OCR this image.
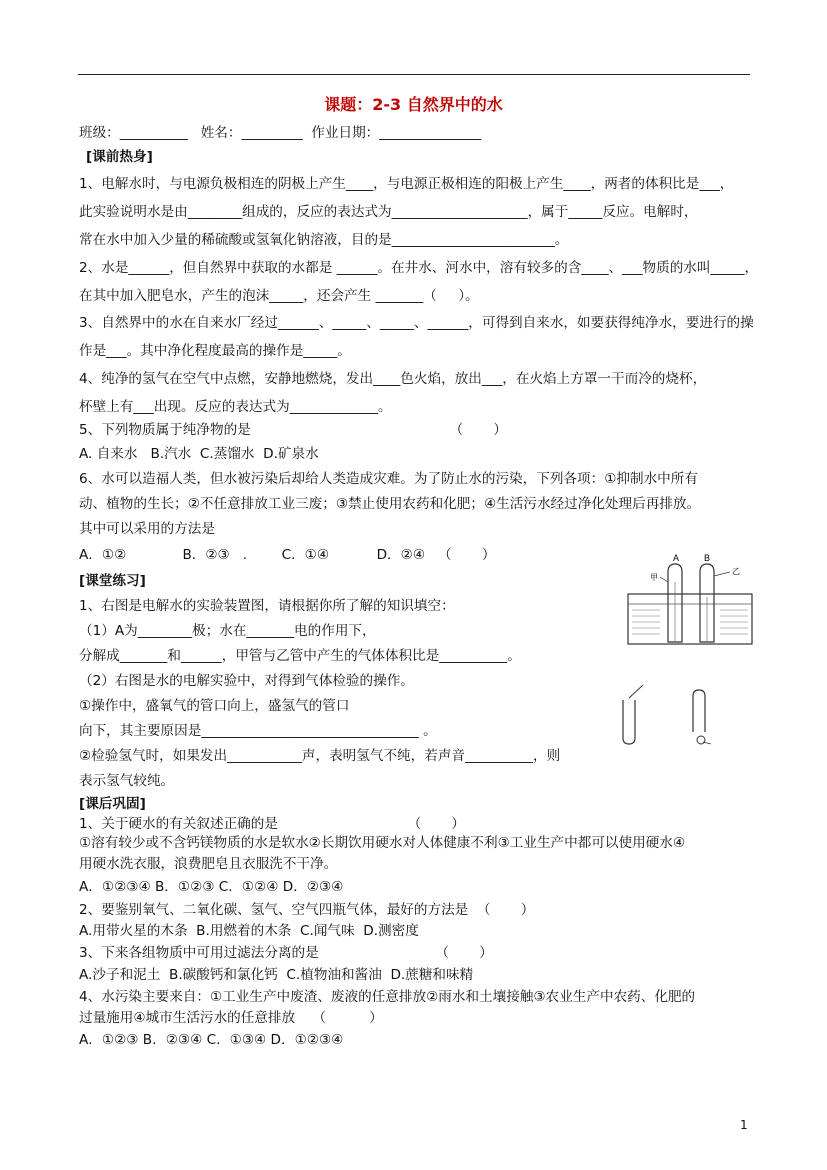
课题：2-3 自然界中的水
班级：__________   姓名：_________  作业日期：_______________
[课前热身]
1、电解水时，与电源负极相连的阴极上产生____，与电源正极相连的阳极上产生____，两者的体积比是___，
此实验说明水是由________组成的，反应的表达式为____________________，属于_____反应。电解时，
常在水中加入少量的稀硫酸或氢氧化钠溶液，目的是________________________。
2、水是______，但自然界中获取的水都是 ______。在井水、河水中，溶有较多的含____、___物质的水叫_____，
在其中加入肥皂水，产生的泡沫_____，还会产生 _______（     ）。
3、自然界中的水在自来水厂经过______、_____、_____、______，可得到自来水，如要获得纯净水，要进行的操
作是___。其中净化程度最高的操作是_____。
4、纯净的氢气在空气中点燃，安静地燃烧，发出____色火焰，放出___，在火焰上方罩一干而冷的烧杯，
杯壁上有___出现。反应的表达式为_____________。
5、下列物质属于纯净物的是                                              （       ）
A. 自来水   B.汽水  C.蒸馏水  D.矿泉水
6、水可以造福人类，但水被污染后却给人类造成灾难。为了防止水的污染，下列各项：①抑制水中所有
动、植物的生长；②不任意排放工业三废；③禁止使用农药和化肥；④生活污水经过净化处理后再排放。
其中可以采用的方法是
A．①②             B．②③   .        C．①④           D．②④   （       ）
[课堂练习]
1、右图是电解水的实验装置图，请根据你所了解的知识填空：
（1）A为________极；水在_______电的作用下，
分解成_______和______，甲管与乙管中产生的气体体积比是__________。
（2）右图是水的电解实验中，对得到气体检验的操作。
①操作中，盛氧气的管口向上，盛氢气的管口
向下，其主要原因是________________________________ 。
②检验氢气时，如果发出___________声，表明氢气不纯，若声音__________，则
表示氢气较纯。
[课后巩固]
1、关于硬水的有关叙述正确的是                              （       ）
①溶有较少或不含钙镁物质的水是软水②长期饮用硬水对人体健康不利③工业生产中都可以使用硬水④
用硬水洗衣服，浪费肥皂且衣服洗不干净。
A．①②③④ B．①②③ C．①②④ D．②③④
2、要鉴别氧气、二氧化碳、氢气、空气四瓶气体，最好的方法是  （       ）
A.用带火星的木条  B.用燃着的木条  C.闻气味  D.测密度
3、下来各组物质中可用过滤法分离的是                           （       ）
A.沙子和泥土  B.碳酸钙和氯化钙  C.植物油和酱油  D.蔗糖和味精
4、水污染主要来自：①工业生产中废渣、废液的任意排放②雨水和土壤接触③农业生产中农药、化肥的
过量施用④城市生活污水的任意排放    （          ）
A．①②③ B．②③④ C．①③④ D．①②③④
A	B
甲
乙
1
